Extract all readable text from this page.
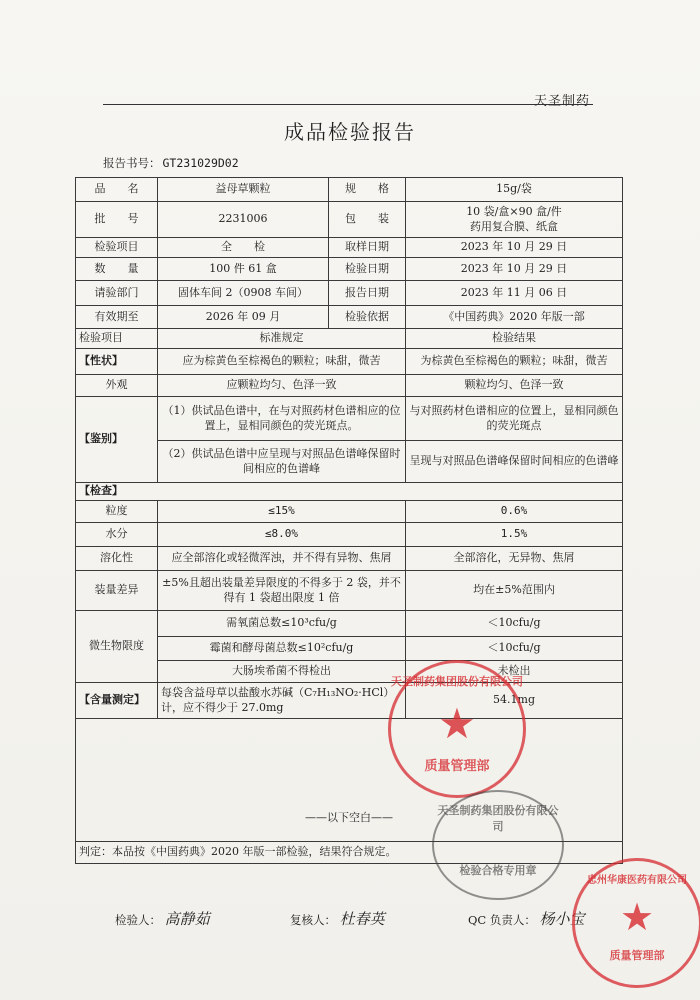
天圣制药
成品检验报告
报告书号： GT231029D02
品　　名	益母草颗粒	规　　格	15g/袋
批　　号	2231006	包　　装	10 袋/盒×90 盒/件
药用复合膜、纸盒

检验项目	全　　检	取样日期	2023 年 10 月 29 日
数　　量	100 件 61 盒	检验日期	2023 年 10 月 29 日
请验部门	固体车间 2（0908 车间）	报告日期	2023 年 11 月 06 日
有效期至	2026 年 09 月	检验依据	《中国药典》2020 年版一部
检验项目	标准规定		检验结果
【性状】	应为棕黄色至棕褐色的颗粒；味甜，微苦		为棕黄色至棕褐色的颗粒；味甜，微苦
外观	应颗粒均匀、色泽一致		颗粒均匀、色泽一致
【鉴别】	（1）供试品色谱中，在与对照药材色谱相应的位置上，显相同颜色的荧光斑点。		与对照药材色谱相应的位置上，显相同颜色的荧光斑点
	（2）供试品色谱中应呈现与对照品色谱峰保留时间相应的色谱峰		呈现与对照品色谱峰保留时间相应的色谱峰
【检查】			
粒度	≤15%		0.6%
水分	≤8.0%		1.5%
溶化性	应全部溶化或轻微浑浊，并不得有异物、焦屑		全部溶化，无异物、焦屑
装量差异	±5%且超出装量差异限度的不得多于 2 袋，并不得有 1 袋超出限度 1 倍		均在±5%范围内
微生物限度	需氧菌总数≤10³cfu/g		＜10cfu/g
	霉菌和酵母菌总数≤10²cfu/g		＜10cfu/g
	大肠埃希菌不得检出		未检出
【含量测定】	每袋含益母草以盐酸水苏碱（C₇H₁₃NO₂·HCl）计，应不得少于 27.0mg		54.1mg

——以下空白——			

判定：本品按《中国药典》2020 年版一部检验，结果符合规定。			
检验人： 高静茹	复核人： 杜春英	QC 负责人： 杨小宝
天圣制药集团股份有限公司
★
质量管理部
天圣制药集团股份有限公司
检验合格专用章
忠州华康医药有限公司
★
质量管理部
